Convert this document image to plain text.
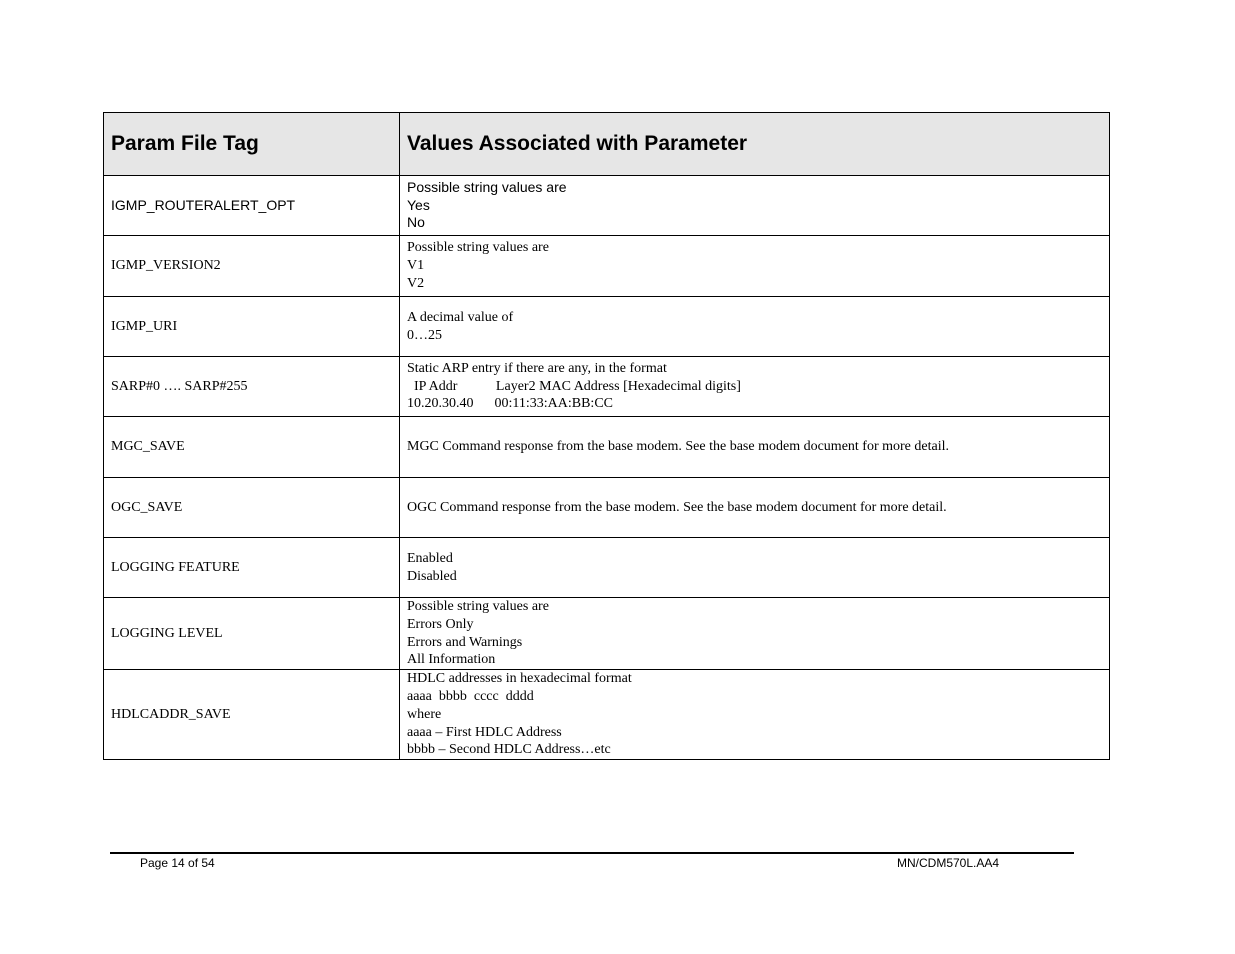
Param File Tag	Values Associated with Parameter
IGMP_ROUTERALERT_OPT	Possible string values are
Yes
No

IGMP_VERSION2	Possible string values are
V1
V2

IGMP_URI	A decimal value of
0…25

SARP#0 …. SARP#255	Static ARP entry if there are any, in the format
IP Addr           Layer2 MAC Address [Hexadecimal digits]
10.20.30.40      00:11:33:AA:BB:CC

MGC_SAVE	MGC Command response from the base modem. See the base modem document for more detail.

OGC_SAVE	OGC Command response from the base modem. See the base modem document for more detail.

LOGGING FEATURE	Enabled
Disabled

LOGGING LEVEL	Possible string values are
Errors Only
Errors and Warnings
All Information

HDLCADDR_SAVE	HDLC addresses in hexadecimal format
aaaa  bbbb  cccc  dddd
where
aaaa – First HDLC Address
bbbb – Second HDLC Address…etc
Page 14 of 54	MN/CDM570L.AA4
